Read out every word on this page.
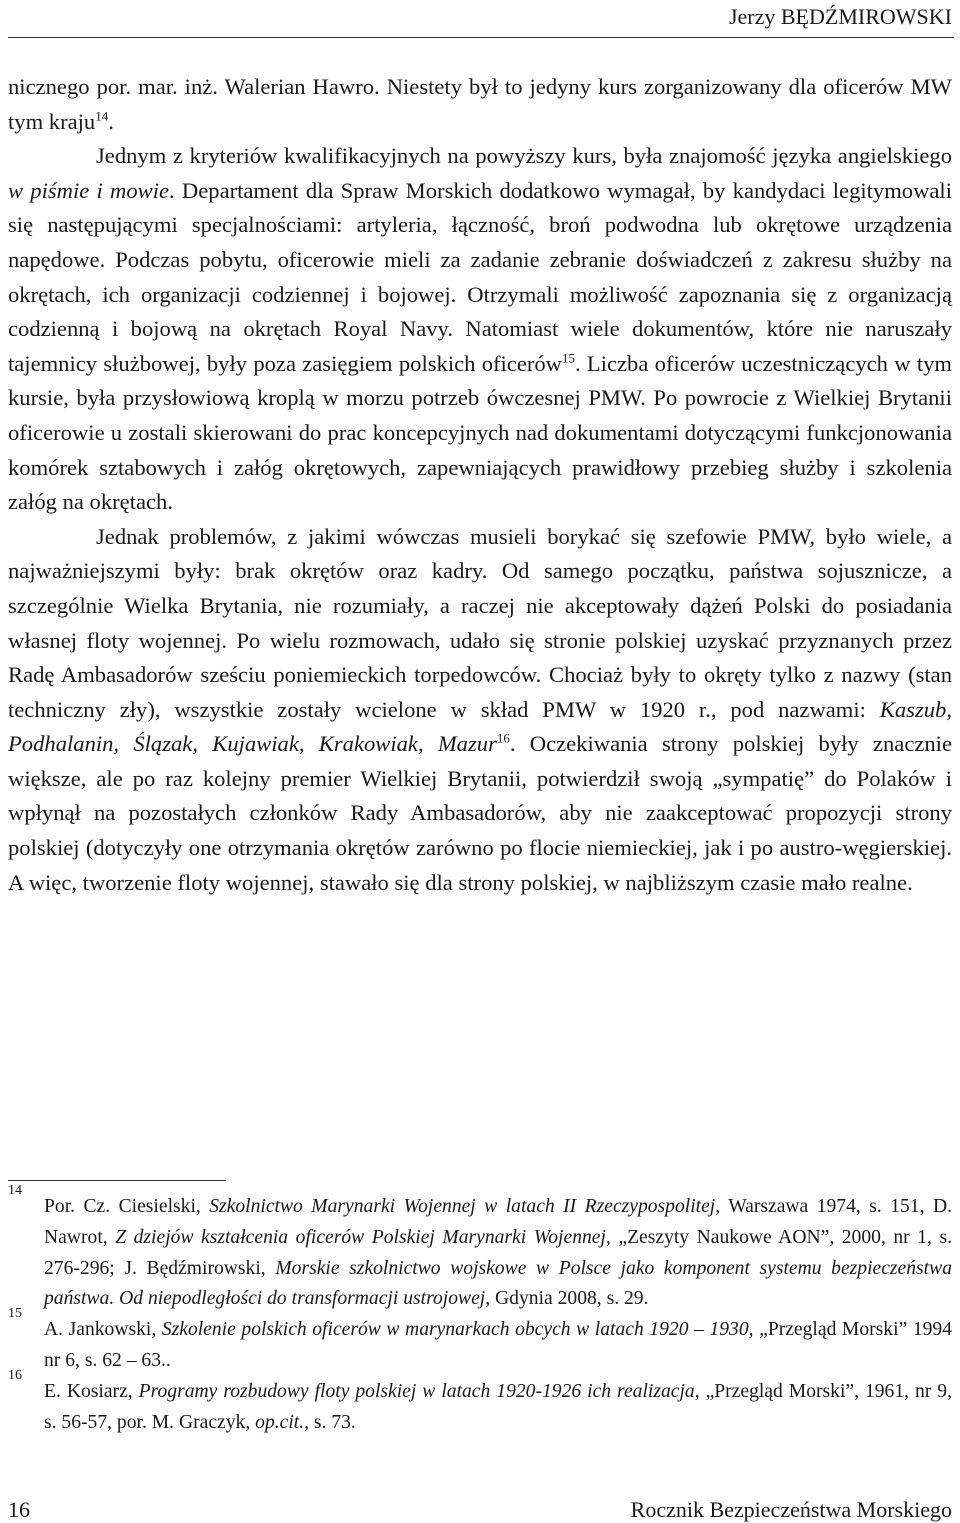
Jerzy BĘDŹMIROWSKI

nicznego por. mar. inż. Walerian Hawro. Niestety był to jedyny kurs zorganizowany dla oficerów MW tym kraju$^{14}$.

Jednym z kryteriów kwalifikacyjnych na powyższy kurs, była znajomość języka angielskiego w piśmie i mowie. Departament dla Spraw Morskich dodatkowo wymagał, by kandydaci legitymowali się następującymi specjalnościami: artyleria, łączność, broń podwodna lub okrętowe urządzenia napędowe. Podczas pobytu, oficerowie mieli za zadanie zebranie doświadczeń z zakresu służby na okrętach, ich organizacji codziennej i bojowej. Otrzymali możliwość zapoznania się z organizacją codzienną i bojową na okrętach Royal Navy. Natomiast wiele dokumentów, które nie naruszały tajemnicy służbowej, były poza zasięgiem polskich oficerów$^{15}$. Liczba oficerów uczestniczących w tym kursie, była przysłowiową kroplą w morzu potrzeb ówczesnej PMW. Po powrocie z Wielkiej Brytanii oficerowie u zostali skierowani do prac koncepcyjnych nad dokumentami dotyczącymi funkcjonowania komórek sztabowych i załóg okrętowych, zapewniających prawidłowy przebieg służby i szkolenia załóg na okrętach.

Jednak problemów, z jakimi wówczas musieli borykać się szefowie PMW, było wiele, a najważniejszymi były: brak okrętów oraz kadry. Od samego początku, państwa sojusznicze, a szczególnie Wielka Brytania, nie rozumiały, a raczej nie akceptowały dążeń Polski do posiadania własnej floty wojennej. Po wielu rozmowach, udało się stronie polskiej uzyskać przyznanych przez Radę Ambasadorów sześciu poniemieckich torpedowców. Chociaż były to okręty tylko z nazwy (stan techniczny zły), wszystkie zostały wcielone w skład PMW w 1920 r., pod nazwami: Kaszub, Podhalanin, Ślązak, Kujawiak, Krakowiak, Mazur$^{16}$. Oczekiwania strony polskiej były znacznie większe, ale po raz kolejny premier Wielkiej Brytanii, potwierdził swoją „sympatię” do Polaków i wpłynął na pozostałych członków Rady Ambasadorów, aby nie zaakceptować propozycji strony polskiej (dotyczyły one otrzymania okrętów zarówno po flocie niemieckiej, jak i po austro-węgierskiej. A więc, tworzenie floty wojennej, stawało się dla strony polskiej, w najbliższym czasie mało realne.

14
Por. Cz. Ciesielski, Szkolnictwo Marynarki Wojennej w latach II Rzeczypospolitej, Warszawa 1974, s. 151, D. Nawrot, Z dziejów kształcenia oficerów Polskiej Marynarki Wojennej, „Zeszyty Naukowe AON”, 2000, nr 1, s. 276-296; J. Będźmirowski, Morskie szkolnictwo wojskowe w Polsce jako komponent systemu bezpieczeństwa państwa. Od niepodległości do transformacji ustrojowej, Gdynia 2008, s. 29.
15
A. Jankowski, Szkolenie polskich oficerów w marynarkach obcych w latach 1920 – 1930, „Przegląd Morski” 1994 nr 6, s. 62 – 63..
16
E. Kosiarz, Programy rozbudowy floty polskiej w latach 1920-1926 ich realizacja, „Przegląd Morski”, 1961, nr 9, s. 56-57, por. M. Graczyk, op.cit., s. 73.
16	Rocznik Bezpieczeństwa Morskiego
